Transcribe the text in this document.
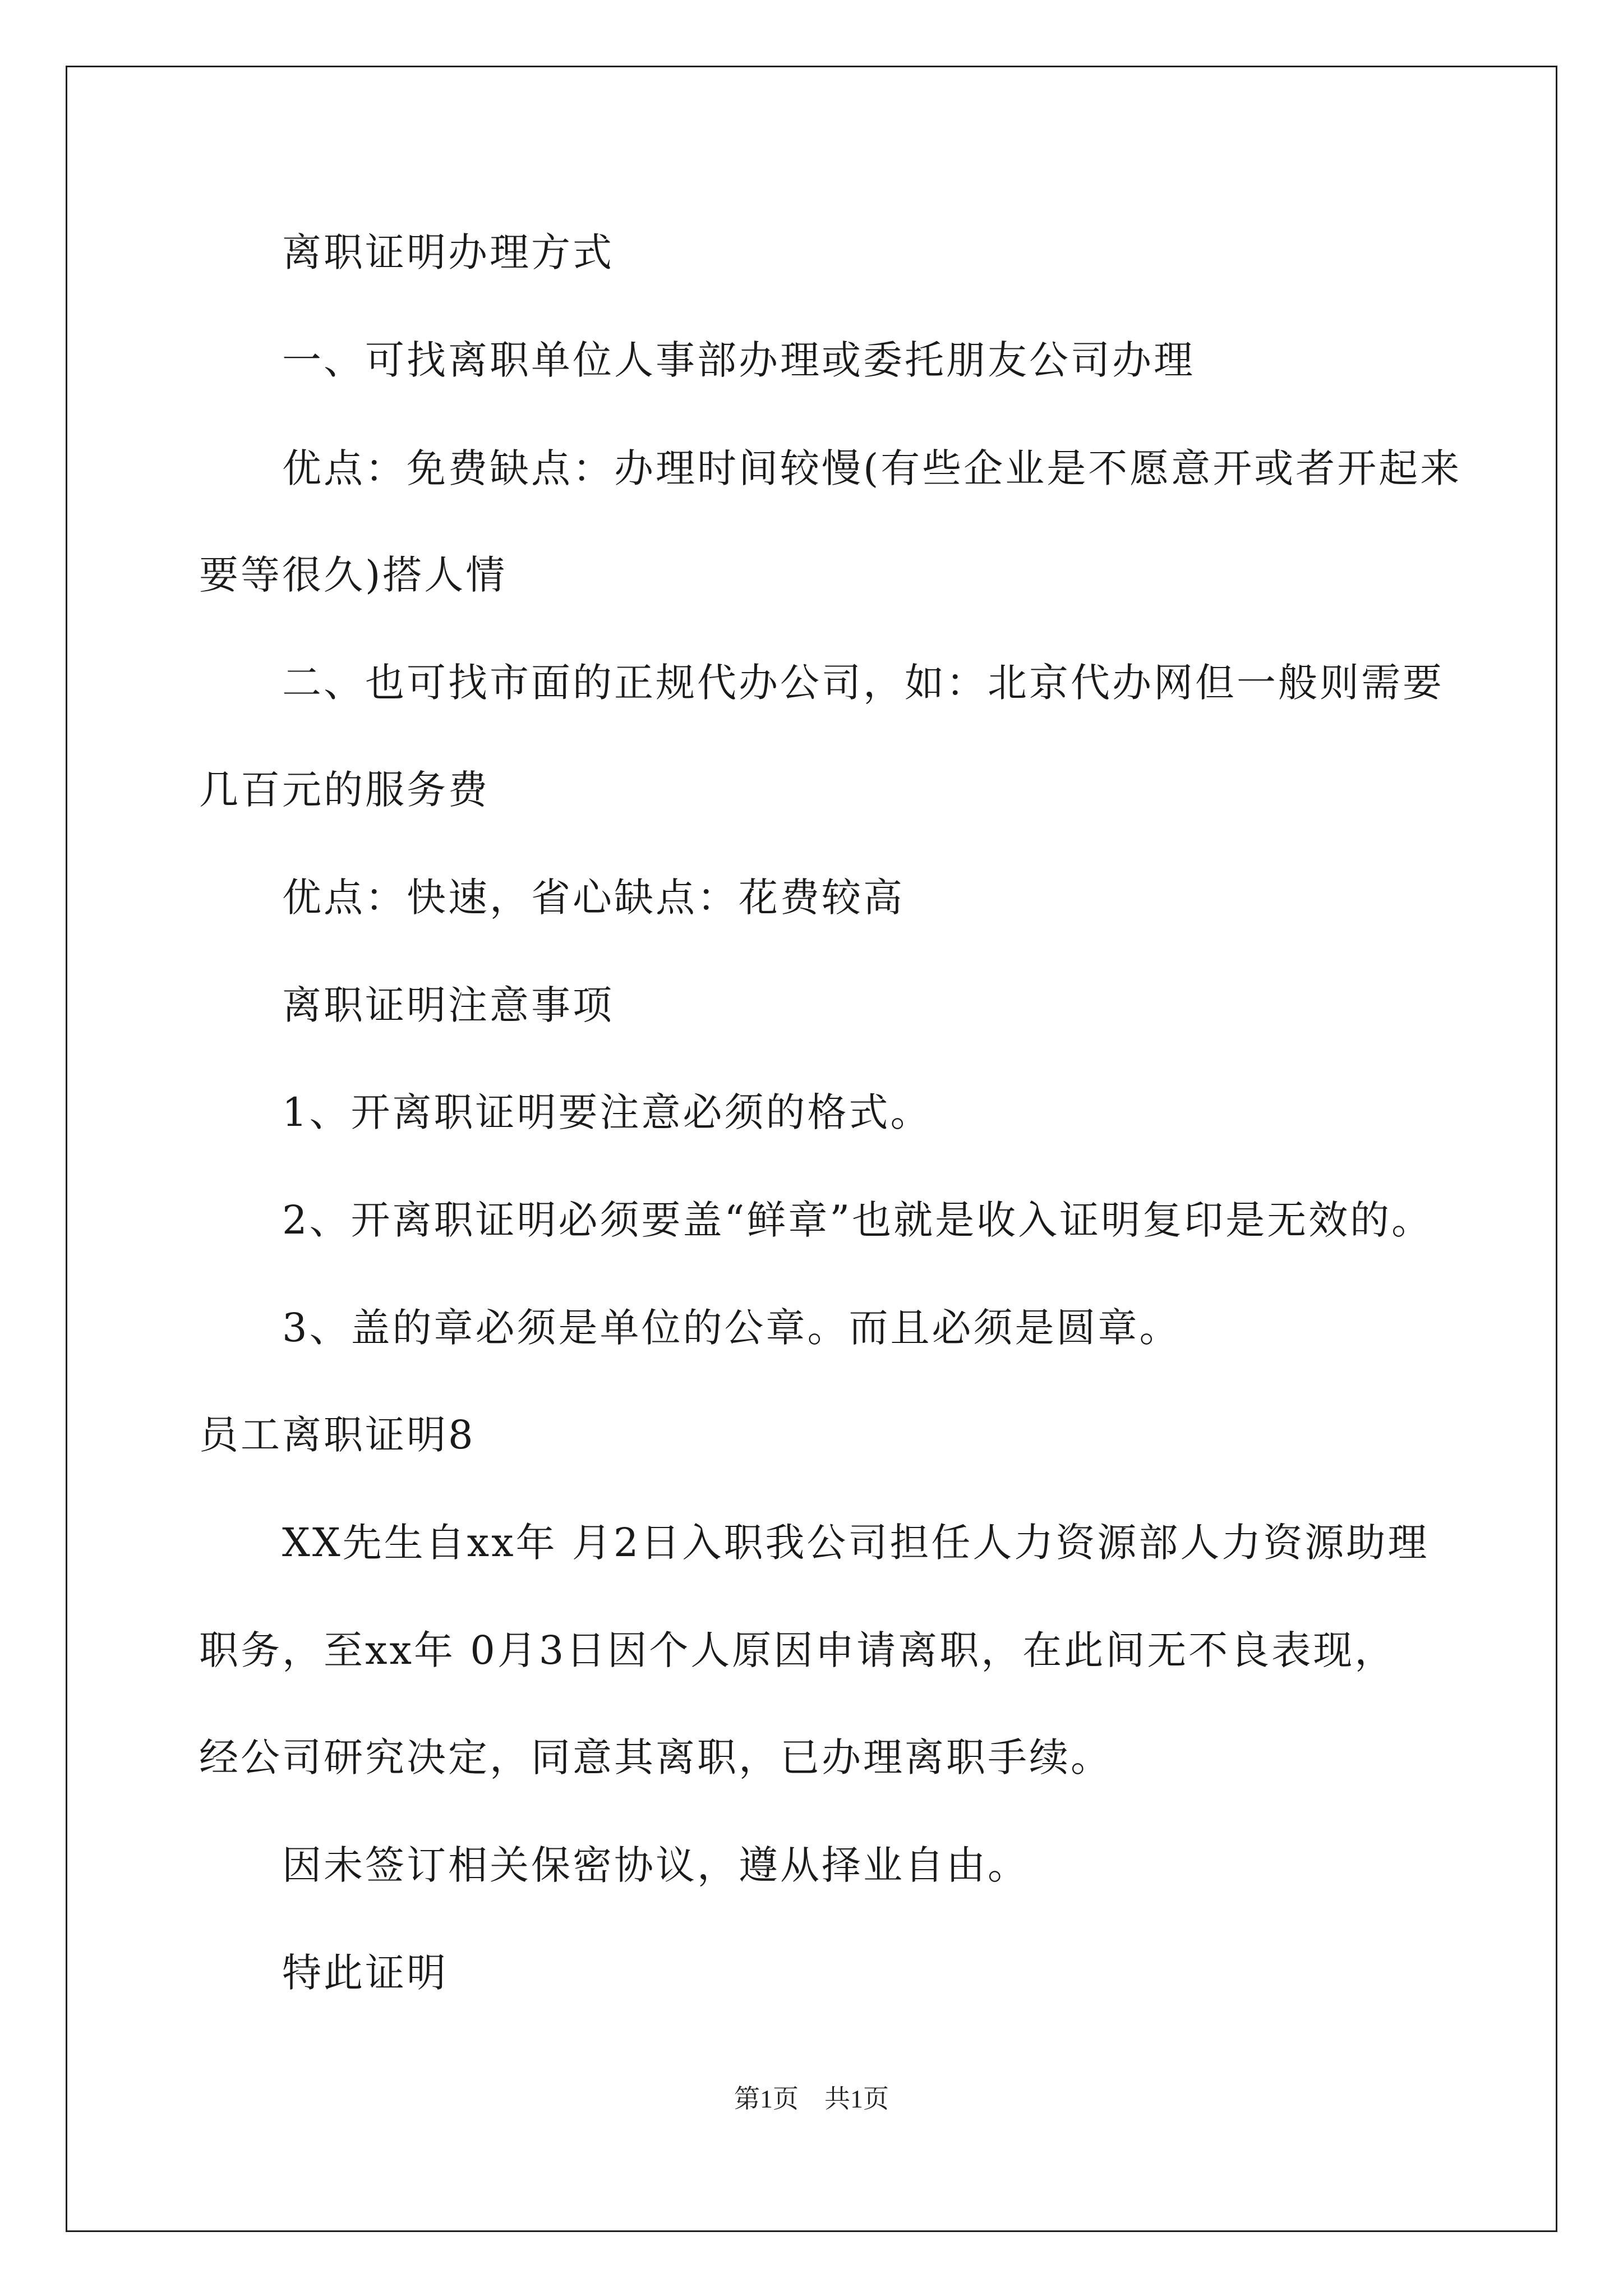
离职证明办理方式
一、可找离职单位人事部办理或委托朋友公司办理
优点：免费缺点：办理时间较慢(有些企业是不愿意开或者开起来
要等很久)搭人情
二、也可找市面的正规代办公司，如：北京代办网但一般则需要
几百元的服务费
优点：快速，省心缺点：花费较高
离职证明注意事项
1、开离职证明要注意必须的格式。
2、开离职证明必须要盖“鲜章”也就是收入证明复印是无效的。
3、盖的章必须是单位的公章。而且必须是圆章。
员工离职证明8
XX先生自xx年 月2日入职我公司担任人力资源部人力资源助理
职务，至xx年 0月3日因个人原因申请离职，在此间无不良表现，
经公司研究决定，同意其离职，已办理离职手续。
因未签订相关保密协议，遵从择业自由。
特此证明
第1页　共1页
